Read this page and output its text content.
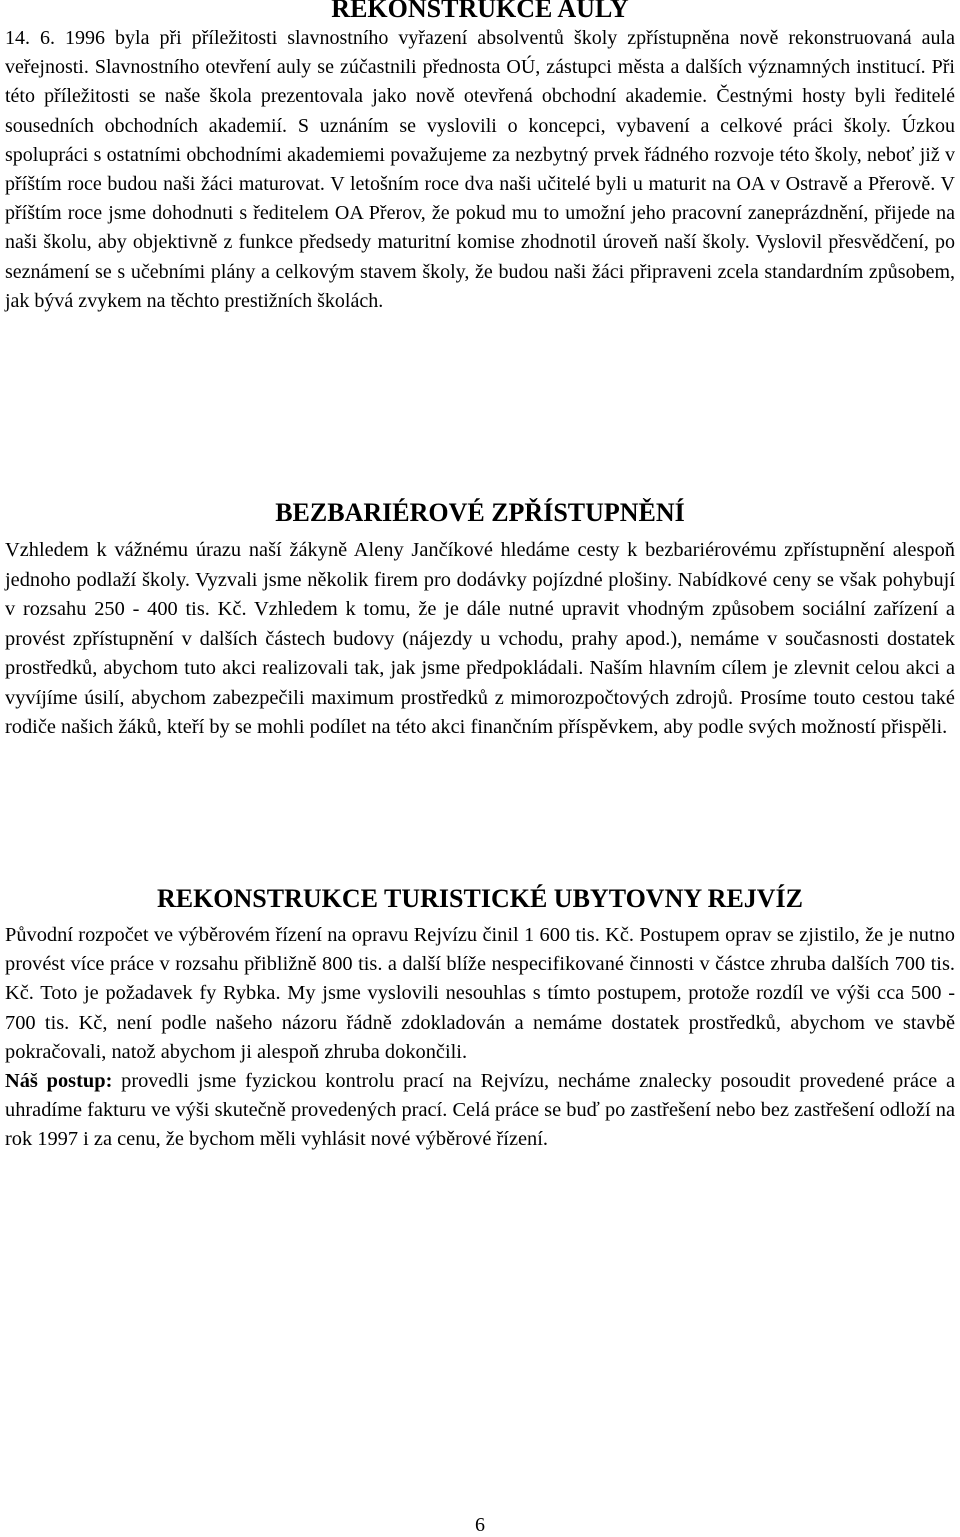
REKONSTRUKCE AULY

14. 6. 1996 byla při příležitosti slavnostního vyřazení absolventů školy zpřístupněna nově rekonstruovaná aula veřejnosti. Slavnostního otevření auly se zúčastnili přednosta OÚ, zástupci města a dalších významných institucí. Při této příležitosti se naše škola prezentovala jako nově otevřená obchodní akademie. Čestnými hosty byli ředitelé sousedních obchodních akademií. S uznáním se vyslovili o koncepci, vybavení a celkové práci školy. Úzkou spolupráci s ostatními obchodními akademiemi považujeme za nezbytný prvek řádného rozvoje této školy, neboť již v příštím roce budou naši žáci maturovat. V letošním roce dva naši učitelé byli u maturit na OA v Ostravě a Přerově. V příštím roce jsme dohodnuti s ředitelem OA Přerov, že pokud mu to umožní jeho pracovní zaneprázdnění, přijede na naši školu, aby objektivně z funkce předsedy maturitní komise zhodnotil úroveň naší školy. Vyslovil přesvědčení, po seznámení se s učebními plány a celkovým stavem školy, že budou naši žáci připraveni zcela standardním způsobem, jak bývá zvykem na těchto prestižních školách.

BEZBARIÉROVÉ ZPŘÍSTUPNĚNÍ

Vzhledem k vážnému úrazu naší žákyně Aleny Jančíkové hledáme cesty k bezbariérovému zpřístupnění alespoň jednoho podlaží školy. Vyzvali jsme několik firem pro dodávky pojízdné plošiny. Nabídkové ceny se však pohybují v rozsahu 250 - 400 tis. Kč. Vzhledem k tomu, že je dále nutné upravit vhodným způsobem sociální zařízení a provést zpřístupnění v dalších částech budovy (nájezdy u vchodu, prahy apod.), nemáme v současnosti dostatek prostředků, abychom tuto akci realizovali tak, jak jsme předpokládali. Naším hlavním cílem je zlevnit celou akci a vyvíjíme úsilí, abychom zabezpečili maximum prostředků z mimorozpočtových zdrojů. Prosíme touto cestou také rodiče našich žáků, kteří by se mohli podílet na této akci finančním příspěvkem, aby podle svých možností přispěli.

REKONSTRUKCE TURISTICKÉ UBYTOVNY REJVÍZ

Původní rozpočet ve výběrovém řízení na opravu Rejvízu činil 1 600 tis. Kč. Postupem oprav se zjistilo, že je nutno provést více práce v rozsahu přibližně 800 tis. a další blíže nespecifikované činnosti v částce zhruba dalších 700 tis. Kč. Toto je požadavek fy Rybka. My jsme vyslovili nesouhlas s tímto postupem, protože rozdíl ve výši cca 500 - 700 tis. Kč, není podle našeho názoru řádně zdokladován a nemáme dostatek prostředků, abychom ve stavbě pokračovali, natož abychom ji alespoň zhruba dokončili.

Náš postup: provedli jsme fyzickou kontrolu prací na Rejvízu, necháme znalecky posoudit provedené práce a uhradíme fakturu ve výši skutečně provedených prací. Celá práce se buď po zastřešení nebo bez zastřešení odloží na rok 1997 i za cenu, že bychom měli vyhlásit nové výběrové řízení.

6
